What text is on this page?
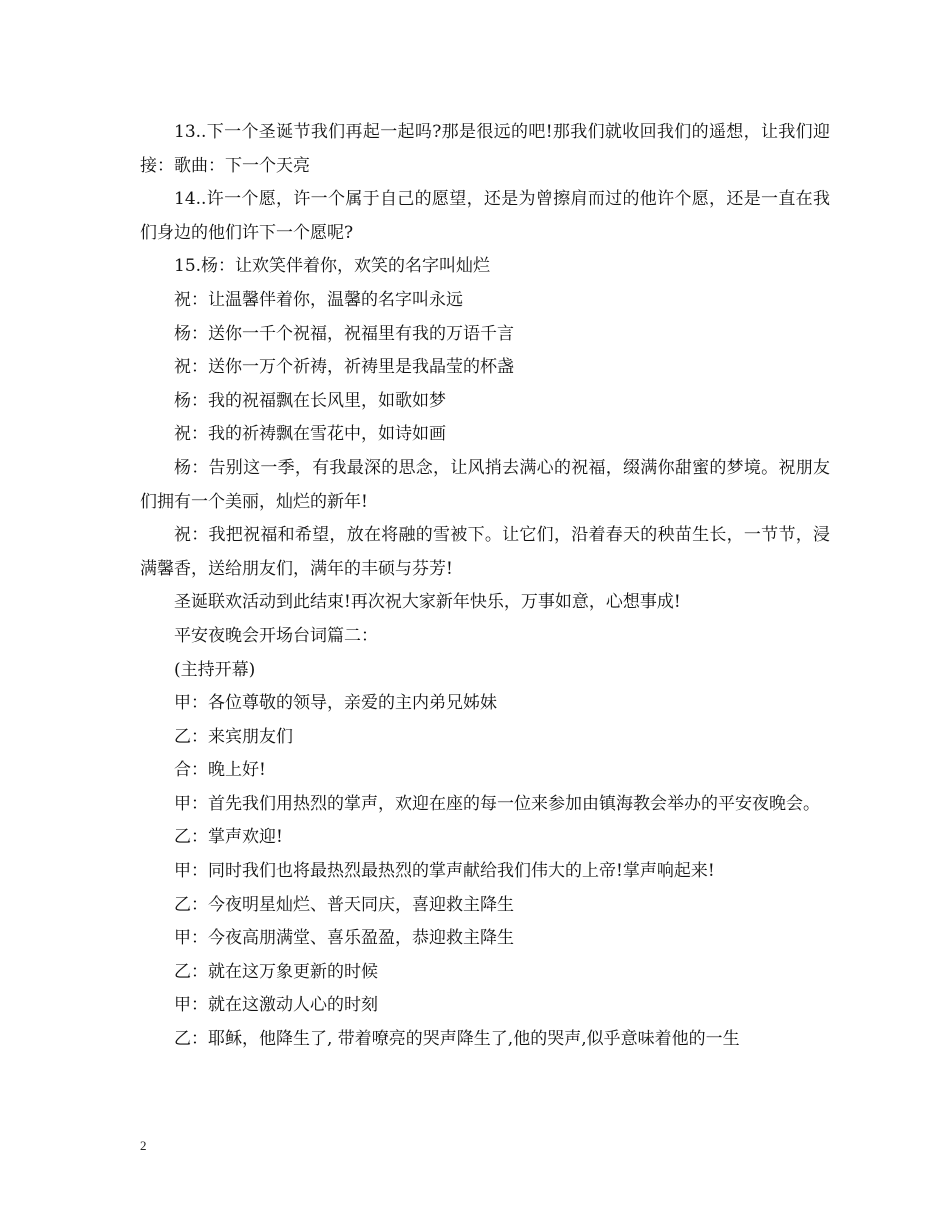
13..下一个圣诞节我们再起一起吗?那是很远的吧!那我们就收回我们的遥想，让我们迎接：歌曲：下一个天亮

14..许一个愿，许一个属于自己的愿望，还是为曾擦肩而过的他许个愿，还是一直在我们身边的他们许下一个愿呢?

15.杨：让欢笑伴着你，欢笑的名字叫灿烂

祝：让温馨伴着你，温馨的名字叫永远

杨：送你一千个祝福，祝福里有我的万语千言

祝：送你一万个祈祷，祈祷里是我晶莹的杯盏

杨：我的祝福飘在长风里，如歌如梦

祝：我的祈祷飘在雪花中，如诗如画

杨：告别这一季，有我最深的思念，让风捎去满心的祝福，缀满你甜蜜的梦境。祝朋友们拥有一个美丽，灿烂的新年!

祝：我把祝福和希望，放在将融的雪被下。让它们，沿着春天的秧苗生长，一节节，浸满馨香，送给朋友们，满年的丰硕与芬芳!

圣诞联欢活动到此结束!再次祝大家新年快乐，万事如意，心想事成!

平安夜晚会开场台词篇二：

(主持开幕)

甲：各位尊敬的领导，亲爱的主内弟兄姊妹

乙：来宾朋友们

合：晚上好!

甲：首先我们用热烈的掌声，欢迎在座的每一位来参加由镇海教会举办的平安夜晚会。

乙：掌声欢迎!

甲：同时我们也将最热烈最热烈的掌声献给我们伟大的上帝!掌声响起来!

乙：今夜明星灿烂、普天同庆，喜迎救主降生

甲：今夜高朋满堂、喜乐盈盈，恭迎救主降生

乙：就在这万象更新的时候

甲：就在这激动人心的时刻

乙：耶稣，他降生了, 带着嘹亮的哭声降生了,他的哭声,似乎意味着他的一生

2
